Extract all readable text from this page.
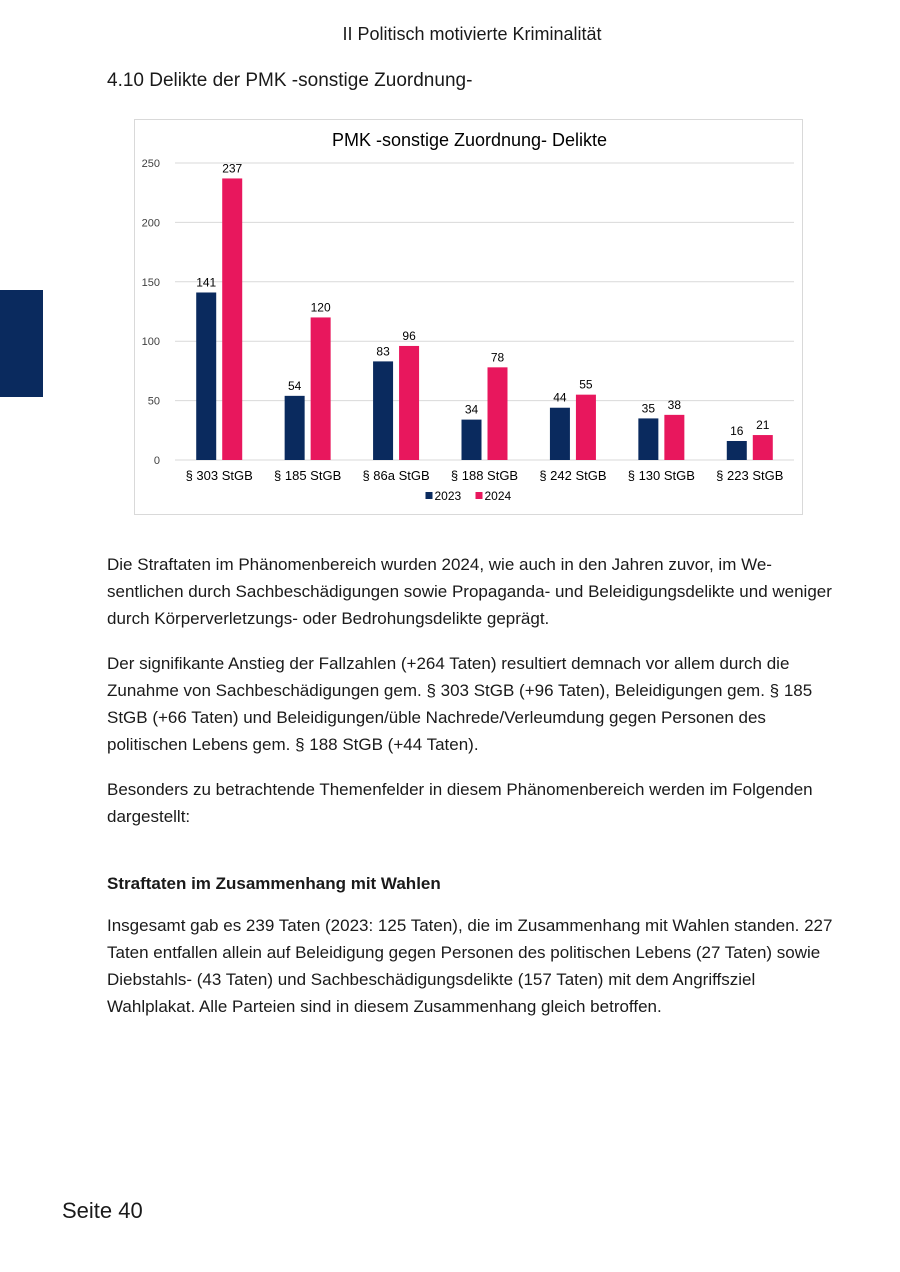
II Politisch motivierte Kriminalität
4.10 Delikte der PMK -sonstige Zuordnung-
PMK -sonstige Zuordnung- Delikte
0
50
100
150
200
250
141
237
§ 303 StGB
54
120
§ 185 StGB
83
96
§ 86a StGB
34
78
§ 188 StGB
44
55
§ 242 StGB
35 38
§ 130 StGB
16 21
§ 223 StGB
2023 2024
Die Straftaten im Phänomenbereich wurden 2024, wie auch in den Jahren zuvor, im Wesentlichen durch Sachbeschädigungen sowie Propaganda- und Beleidigungsdelikte und weniger durch Körperverletzungs- oder Bedrohungsdelikte geprägt.
Der signifikante Anstieg der Fallzahlen (+264 Taten) resultiert demnach vor allem durch die Zunahme von Sachbeschädigungen gem. § 303 StGB (+96 Taten), Beleidigungen gem. § 185 StGB (+66 Taten) und Beleidigungen/üble Nachrede/Verleumdung gegen Personen des politischen Lebens gem. § 188 StGB (+44 Taten).
Besonders zu betrachtende Themenfelder in diesem Phänomenbereich werden im Folgenden dargestellt:
Straftaten im Zusammenhang mit Wahlen
Insgesamt gab es 239 Taten (2023: 125 Taten), die im Zusammenhang mit Wahlen standen. 227 Taten entfallen allein auf Beleidigung gegen Personen des politischen Lebens (27 Taten) sowie Diebstahls- (43 Taten) und Sachbeschädigungsdelikte (157 Taten) mit dem Angriffsziel Wahlplakat. Alle Parteien sind in diesem Zusammenhang gleich betroffen.
Seite 40
